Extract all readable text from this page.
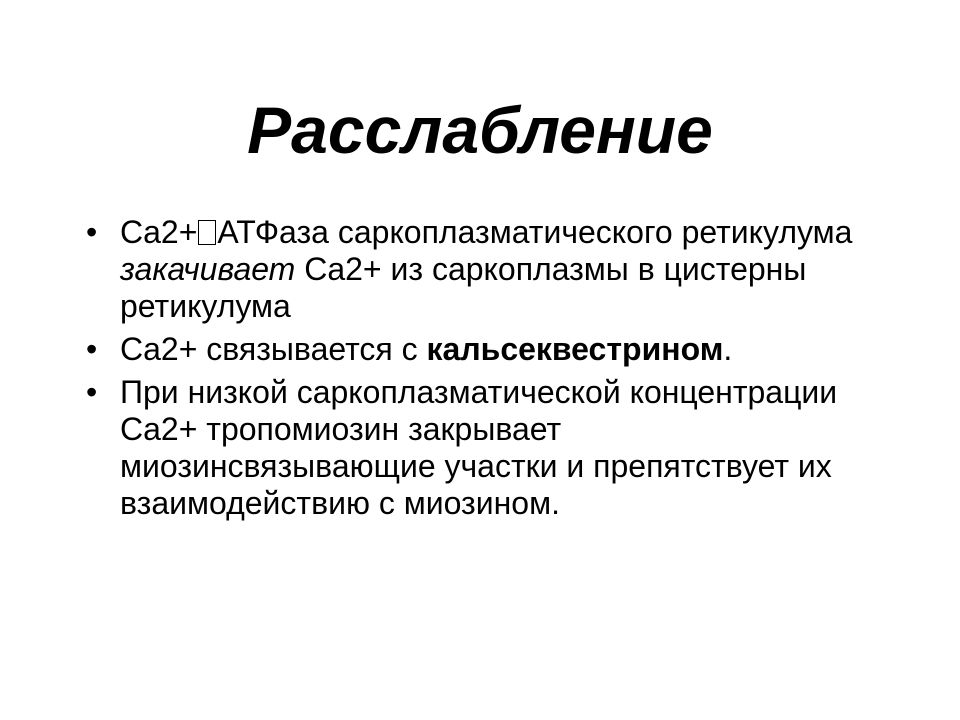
Расслабление
• Ca2+ АТФаза саркоплазматического ретикулума закачивает Ca2+ из саркоплазмы в цистерны ретикулума
• Ca2+ связывается с кальсеквестрином.
• При низкой саркоплазматической концентрации Ca2+ тропомиозин закрывает миозинсвязывающие участки и препятствует их взаимодействию с миозином.
